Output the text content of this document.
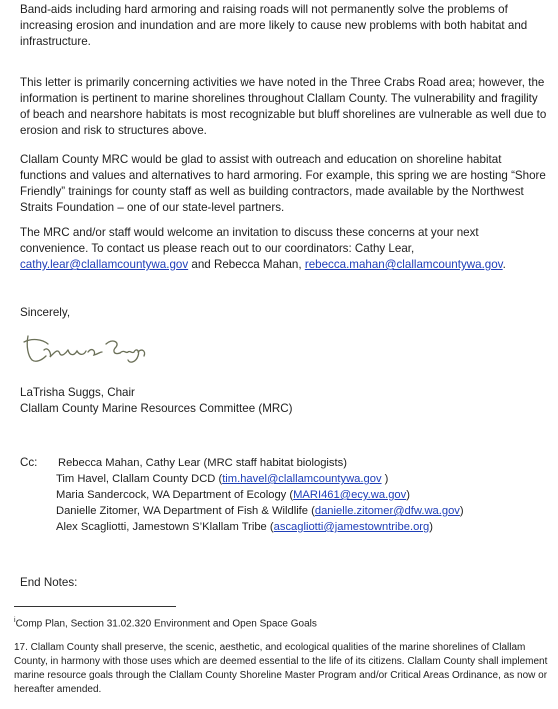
Band-aids including hard armoring and raising roads will not permanently solve the problems of increasing erosion and inundation and are more likely to cause new problems with both habitat and infrastructure.

This letter is primarily concerning activities we have noted in the Three Crabs Road area; however, the information is pertinent to marine shorelines throughout Clallam County. The vulnerability and fragility of beach and nearshore habitats is most recognizable but bluff shorelines are vulnerable as well due to erosion and risk to structures above.

Clallam County MRC would be glad to assist with outreach and education on shoreline habitat functions and values and alternatives to hard armoring. For example, this spring we are hosting “Shore Friendly” trainings for county staff as well as building contractors, made available by the Northwest Straits Foundation – one of our state-level partners.

The MRC and/or staff would welcome an invitation to discuss these concerns at your next convenience. To contact us please reach out to our coordinators: Cathy Lear, cathy.lear@clallamcountywa.gov and Rebecca Mahan, rebecca.mahan@clallamcountywa.gov.

Sincerely,
LaTrisha Suggs, Chair
Clallam County Marine Resources Committee (MRC)
Cc: Rebecca Mahan, Cathy Lear (MRC staff habitat biologists)
Tim Havel, Clallam County DCD (tim.havel@clallamcountywa.gov )
Maria Sandercock, WA Department of Ecology (MARI461@ecy.wa.gov)
Danielle Zitomer, WA Department of Fish & Wildlife (danielle.zitomer@dfw.wa.gov)
Alex Scagliotti, Jamestown S’Klallam Tribe (ascagliotti@jamestowntribe.org)
End Notes:
$^i$Comp Plan, Section 31.02.320 Environment and Open Space Goals
17. Clallam County shall preserve, the scenic, aesthetic, and ecological qualities of the marine shorelines of Clallam County, in harmony with those uses which are deemed essential to the life of its citizens. Clallam County shall implement marine resource goals through the Clallam County Shoreline Master Program and/or Critical Areas Ordinance, as now or hereafter amended.
